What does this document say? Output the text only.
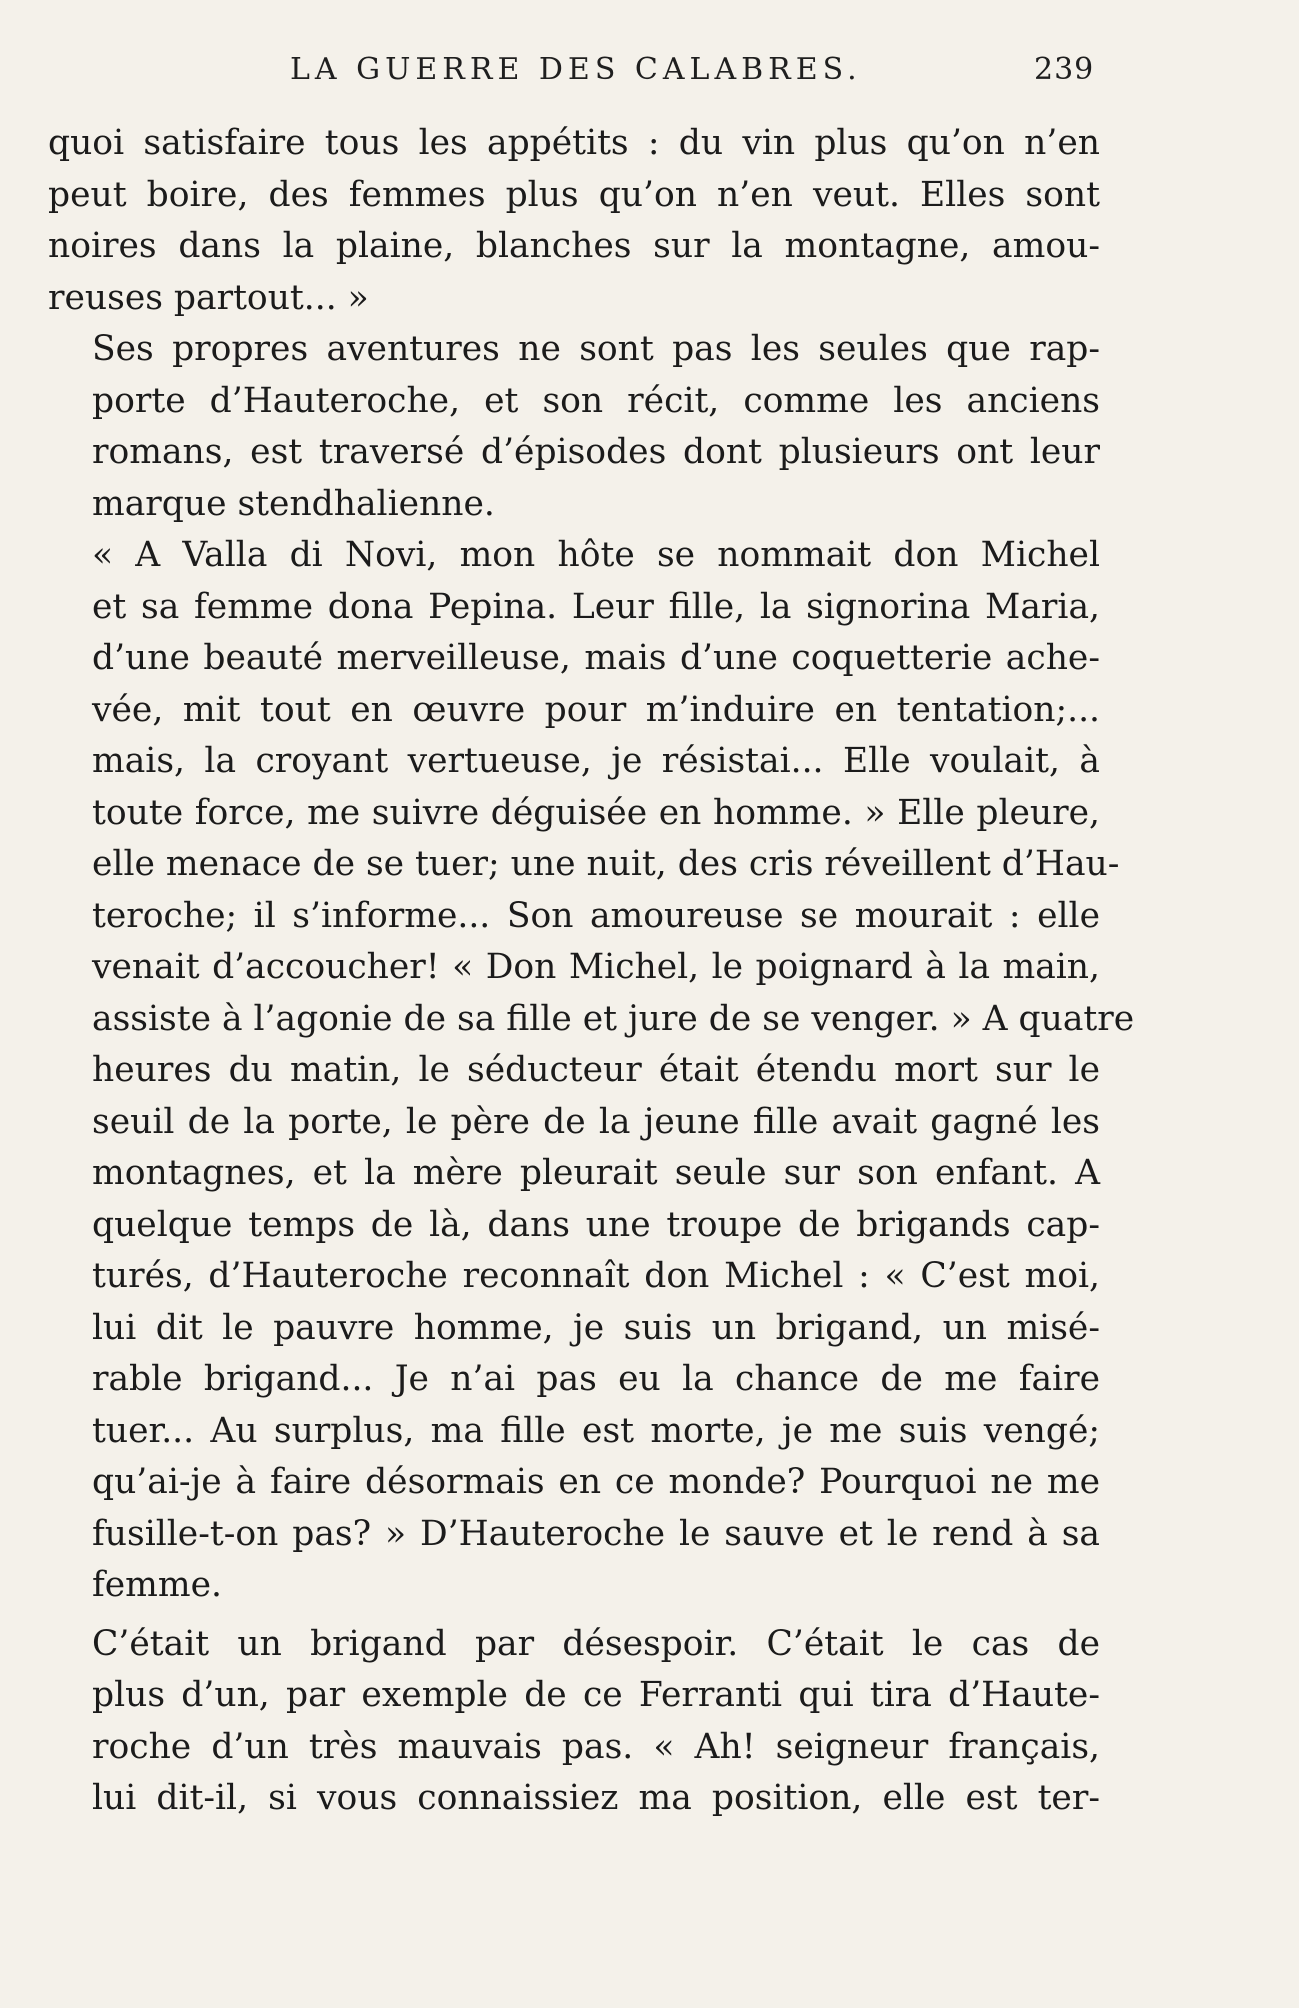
LA GUERRE DES CALABRES.	239

quoi satisfaire tous les appétits : du vin plus qu’on n’en
peut boire, des femmes plus qu’on n’en veut. Elles sont
noires dans la plaine, blanches sur la montagne, amou-
reuses partout... »

Ses propres aventures ne sont pas les seules que rap-
porte d’Hauteroche, et son récit, comme les anciens
romans, est traversé d’épisodes dont plusieurs ont leur
marque stendhalienne.

« A Valla di Novi, mon hôte se nommait don Michel
et sa femme dona Pepina. Leur fille, la signorina Maria,
d’une beauté merveilleuse, mais d’une coquetterie ache-
vée, mit tout en œuvre pour m’induire en tentation;...
mais, la croyant vertueuse, je résistai... Elle voulait, à
toute force, me suivre déguisée en homme. » Elle pleure,
elle menace de se tuer; une nuit, des cris réveillent d’Hau-
teroche; il s’informe... Son amoureuse se mourait : elle
venait d’accoucher! « Don Michel, le poignard à la main,
assiste à l’agonie de sa fille et jure de se venger. » A quatre
heures du matin, le séducteur était étendu mort sur le
seuil de la porte, le père de la jeune fille avait gagné les
montagnes, et la mère pleurait seule sur son enfant. A
quelque temps de là, dans une troupe de brigands cap-
turés, d’Hauteroche reconnaît don Michel : « C’est moi,
lui dit le pauvre homme, je suis un brigand, un misé-
rable brigand... Je n’ai pas eu la chance de me faire
tuer... Au surplus, ma fille est morte, je me suis vengé;
qu’ai-je à faire désormais en ce monde? Pourquoi ne me
fusille-t-on pas? » D’Hauteroche le sauve et le rend à sa
femme.

C’était un brigand par désespoir. C’était le cas de
plus d’un, par exemple de ce Ferranti qui tira d’Haute-
roche d’un très mauvais pas. « Ah! seigneur français,
lui dit-il, si vous connaissiez ma position, elle est ter-
